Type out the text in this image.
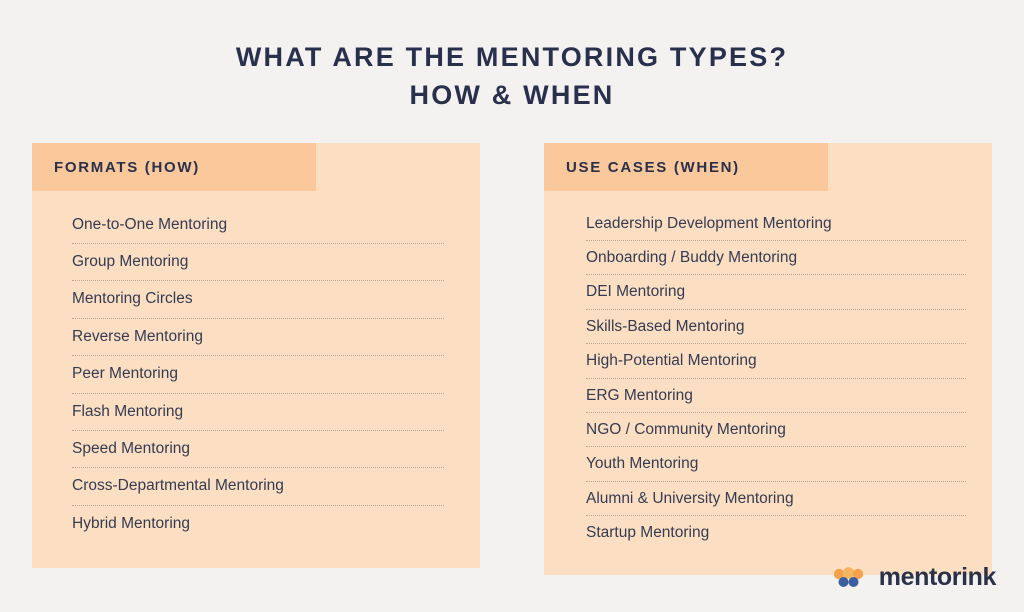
WHAT ARE THE MENTORING TYPES?
HOW & WHEN
FORMATS (HOW)
One-to-One Mentoring
Group Mentoring
Mentoring Circles
Reverse Mentoring
Peer Mentoring
Flash Mentoring
Speed Mentoring
Cross-Departmental Mentoring
Hybrid Mentoring
USE CASES (WHEN)
Leadership Development Mentoring
Onboarding / Buddy Mentoring
DEI Mentoring
Skills-Based Mentoring
High-Potential Mentoring
ERG Mentoring
NGO / Community Mentoring
Youth Mentoring
Alumni & University Mentoring
Startup Mentoring
mentorink
